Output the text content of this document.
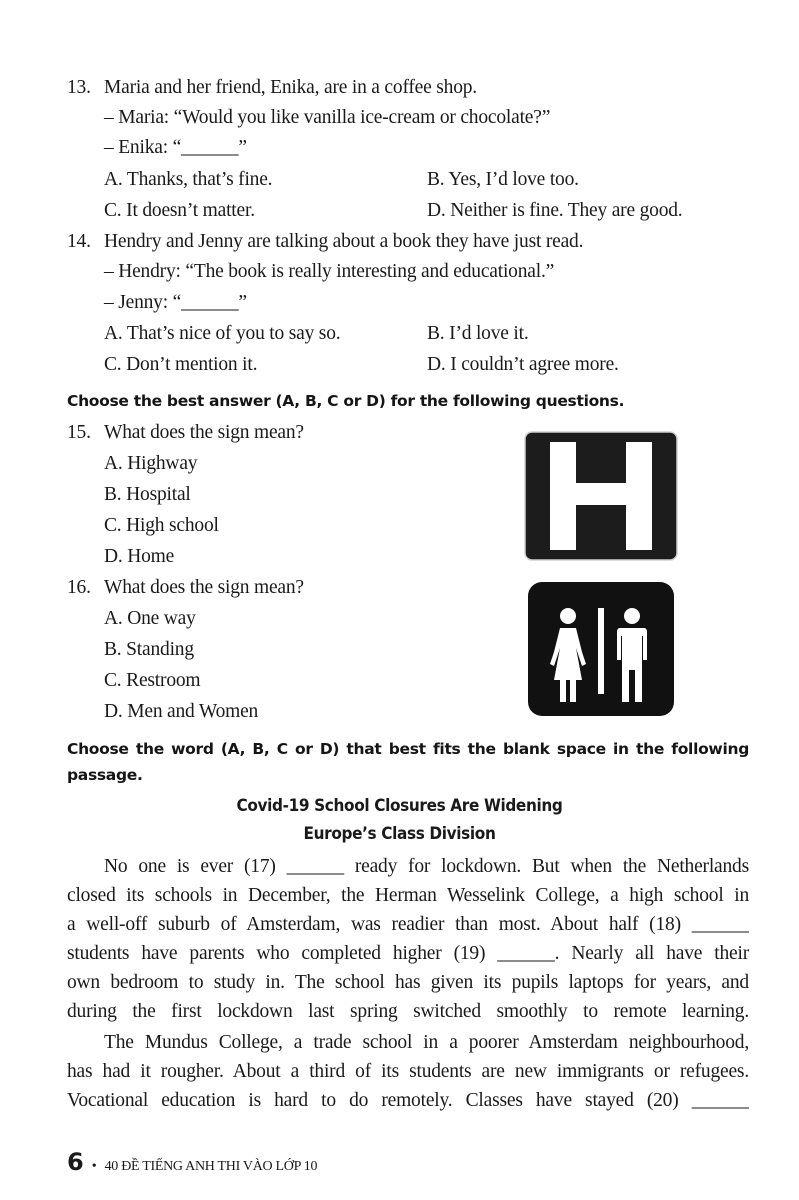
13. Maria and her friend, Enika, are in a coffee shop.
– Maria: “Would you like vanilla ice-cream or chocolate?”
– Enika: “______”
A. Thanks, that’s fine.	B. Yes, I’d love too.
C. It doesn’t matter.	D. Neither is fine. They are good.
14. Hendry and Jenny are talking about a book they have just read.
– Hendry: “The book is really interesting and educational.”
– Jenny: “______”
A. That’s nice of you to say so.	B. I’d love it.
C. Don’t mention it.	D. I couldn’t agree more.
Choose the best answer (A, B, C or D) for the following questions.
15. What does the sign mean?
A. Highway
B. Hospital
C. High school
D. Home
16. What does the sign mean?
A. One way
B. Standing
C. Restroom
D. Men and Women
Choose the word (A, B, C or D) that best fits the blank space in the following
passage.
Covid-19 School Closures Are Widening
Europe’s Class Division
No one is ever (17) ______ ready for lockdown. But when the Netherlands
closed its schools in December, the Herman Wesselink College, a high school in
a well-off suburb of Amsterdam, was readier than most. About half (18) ______
students have parents who completed higher (19) ______. Nearly all have their
own bedroom to study in. The school has given its pupils laptops for years, and
during the first lockdown last spring switched smoothly to remote learning.
The Mundus College, a trade school in a poorer Amsterdam neighbourhood,
has had it rougher. About a third of its students are new immigrants or refugees.
Vocational education is hard to do remotely. Classes have stayed (20) ______
6 • 40 ĐỀ TIẾNG ANH THI VÀO LỚP 10
